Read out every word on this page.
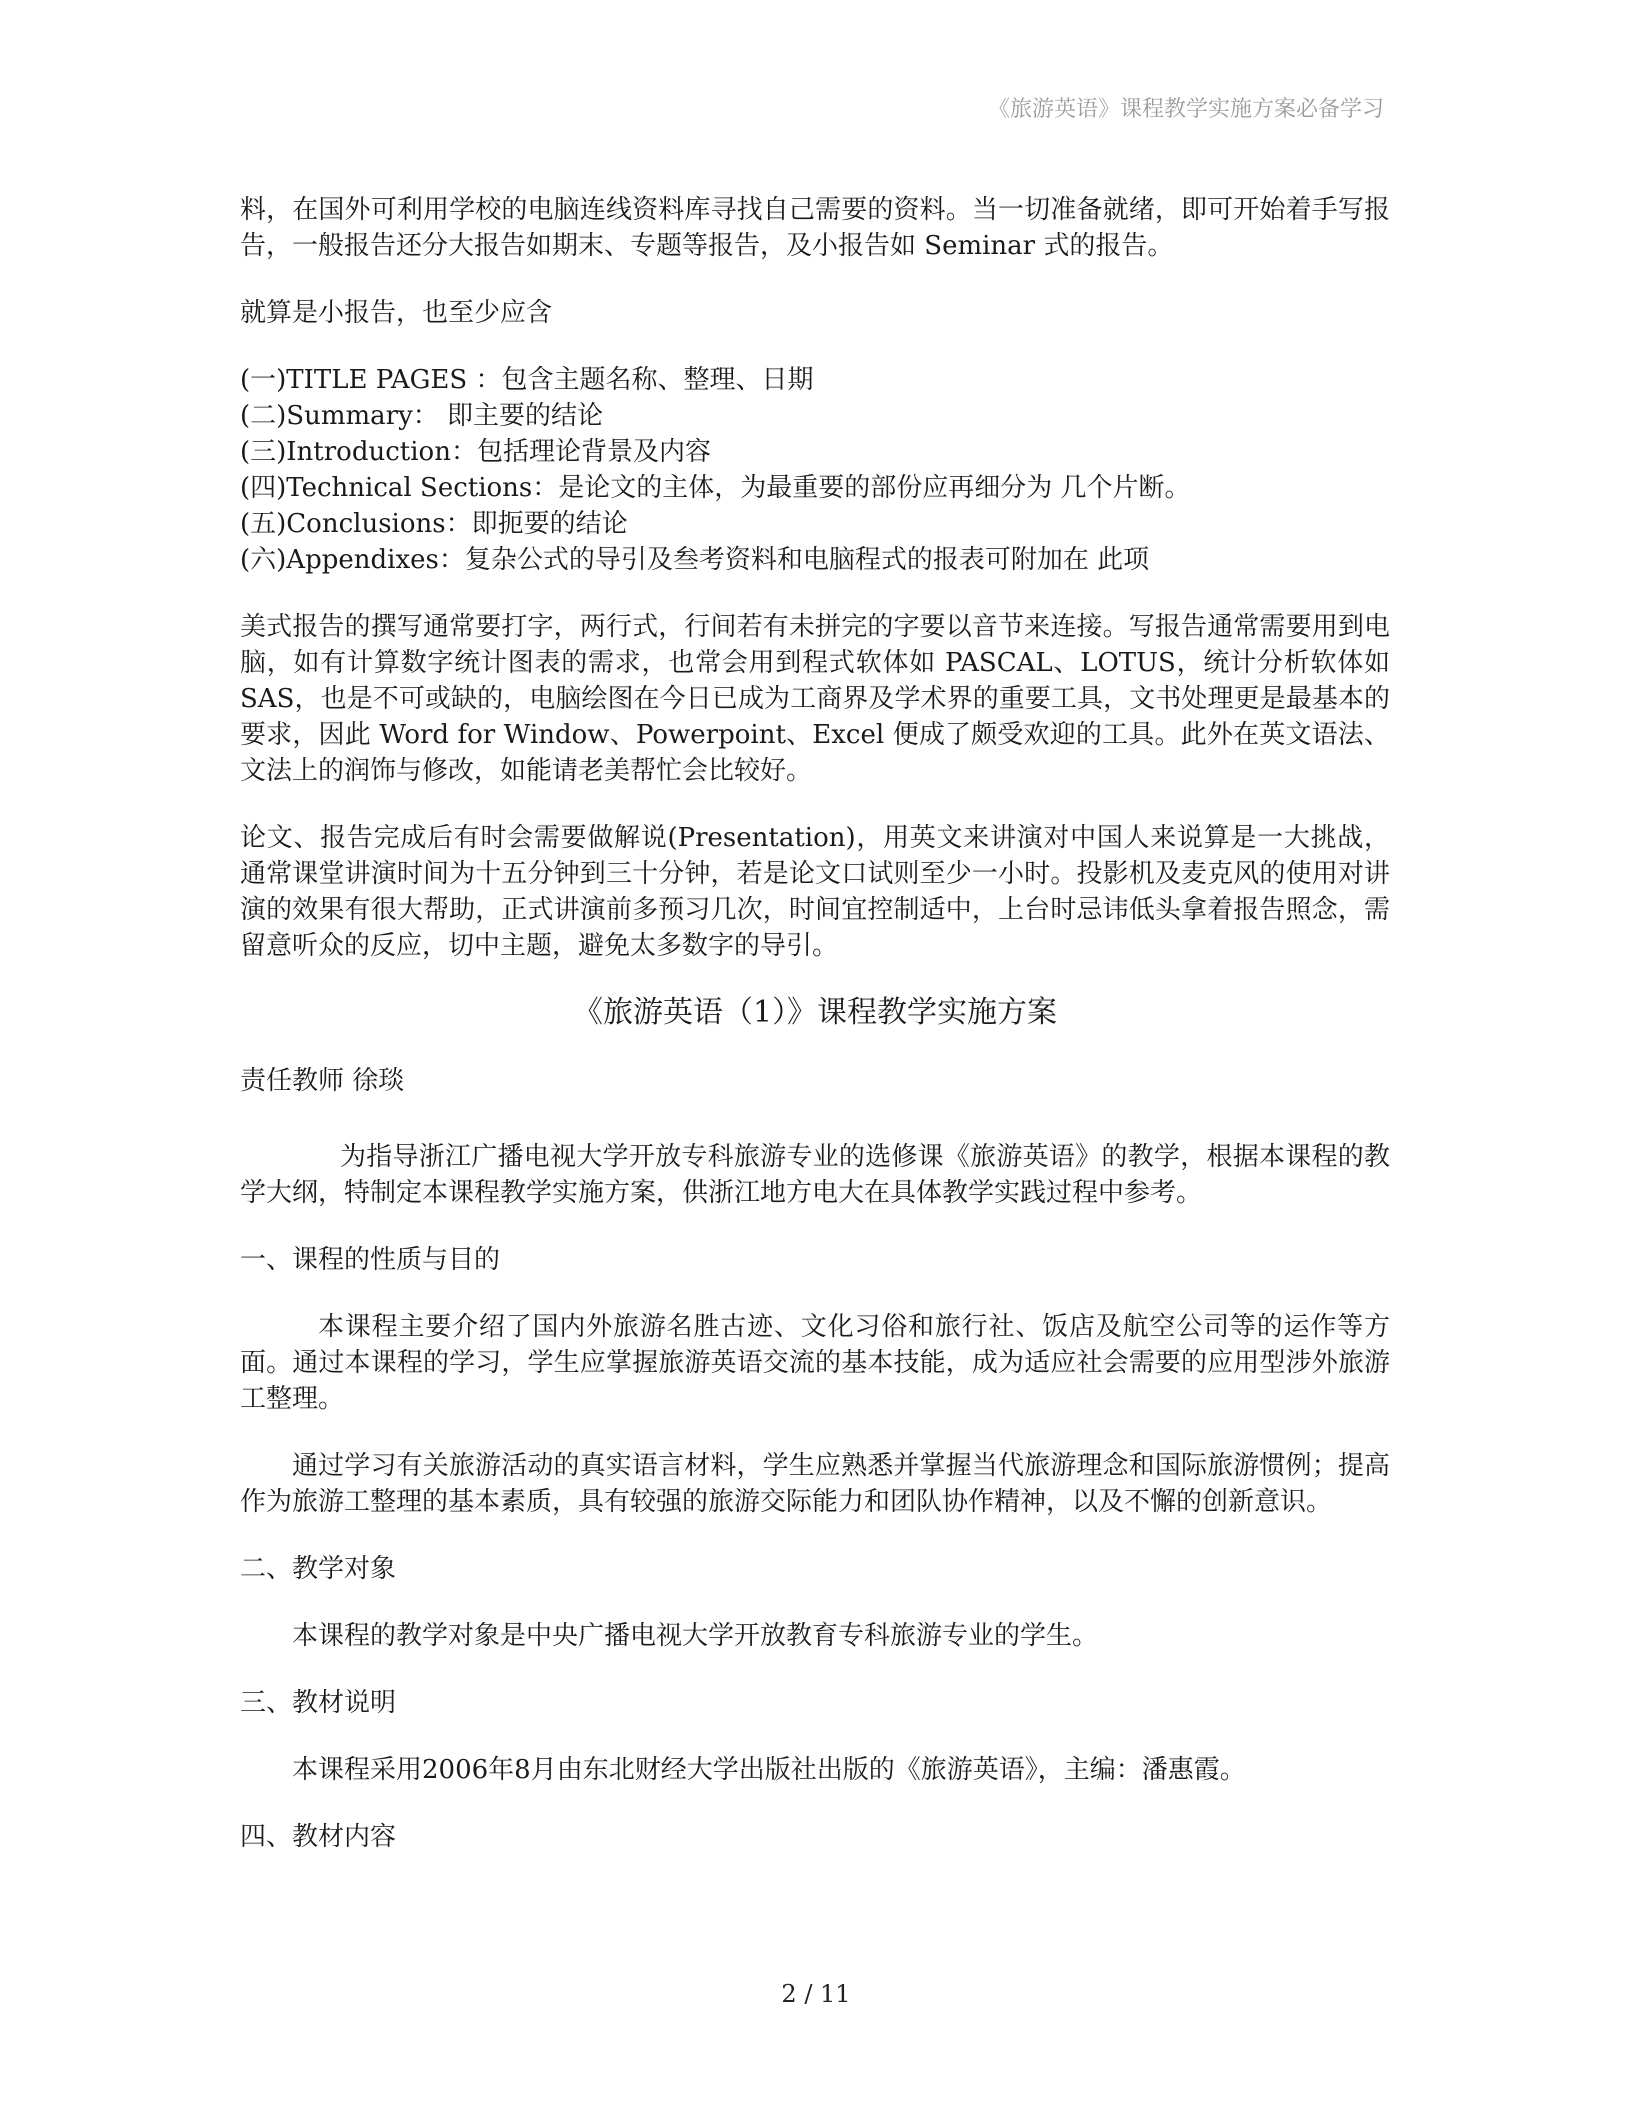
《旅游英语》课程教学实施方案必备学习

料，在国外可利用学校的电脑连线资料库寻找自己需要的资料。当一切准备就绪，即可开始着手写报告，一般报告还分大报告如期末、专题等报告，及小报告如 Seminar 式的报告。

就算是小报告，也至少应含

(一)TITLE PAGES ：包含主题名称、整理、日期

(二)Summary： 即主要的结论

(三)Introduction：包括理论背景及内容

(四)Technical Sections：是论文的主体，为最重要的部份应再细分为 几个片断。

(五)Conclusions：即扼要的结论

(六)Appendixes：复杂公式的导引及叁考资料和电脑程式的报表可附加在 此项

美式报告的撰写通常要打字，两行式，行间若有未拼完的字要以音节来连接。写报告通常需要用到电脑，如有计算数字统计图表的需求，也常会用到程式软体如 PASCAL、LOTUS，统计分析软体如 SAS，也是不可或缺的，电脑绘图在今日已成为工商界及学术界的重要工具，文书处理更是最基本的要求，因此 Word for Window、Powerpoint、Excel 便成了颇受欢迎的工具。此外在英文语法、文法上的润饰与修改，如能请老美帮忙会比较好。

论文、报告完成后有时会需要做解说(Presentation)，用英文来讲演对中国人来说算是一大挑战，通常课堂讲演时间为十五分钟到三十分钟，若是论文口试则至少一小时。投影机及麦克风的使用对讲演的效果有很大帮助，正式讲演前多预习几次，时间宜控制适中，上台时忌讳低头拿着报告照念，需留意听众的反应，切中主题，避免太多数字的导引。

《旅游英语（1）》课程教学实施方案

责任教师 徐琰

为指导浙江广播电视大学开放专科旅游专业的选修课《旅游英语》的教学，根据本课程的教学大纲，特制定本课程教学实施方案，供浙江地方电大在具体教学实践过程中参考。

一、课程的性质与目的

本课程主要介绍了国内外旅游名胜古迹、文化习俗和旅行社、饭店及航空公司等的运作等方面。通过本课程的学习，学生应掌握旅游英语交流的基本技能，成为适应社会需要的应用型涉外旅游工整理。

通过学习有关旅游活动的真实语言材料，学生应熟悉并掌握当代旅游理念和国际旅游惯例；提高作为旅游工整理的基本素质，具有较强的旅游交际能力和团队协作精神，以及不懈的创新意识。

二、教学对象

本课程的教学对象是中央广播电视大学开放教育专科旅游专业的学生。

三、教材说明

本课程采用2006年8月由东北财经大学出版社出版的《旅游英语》，主编：潘惠霞。

四、教材内容

2 / 11
